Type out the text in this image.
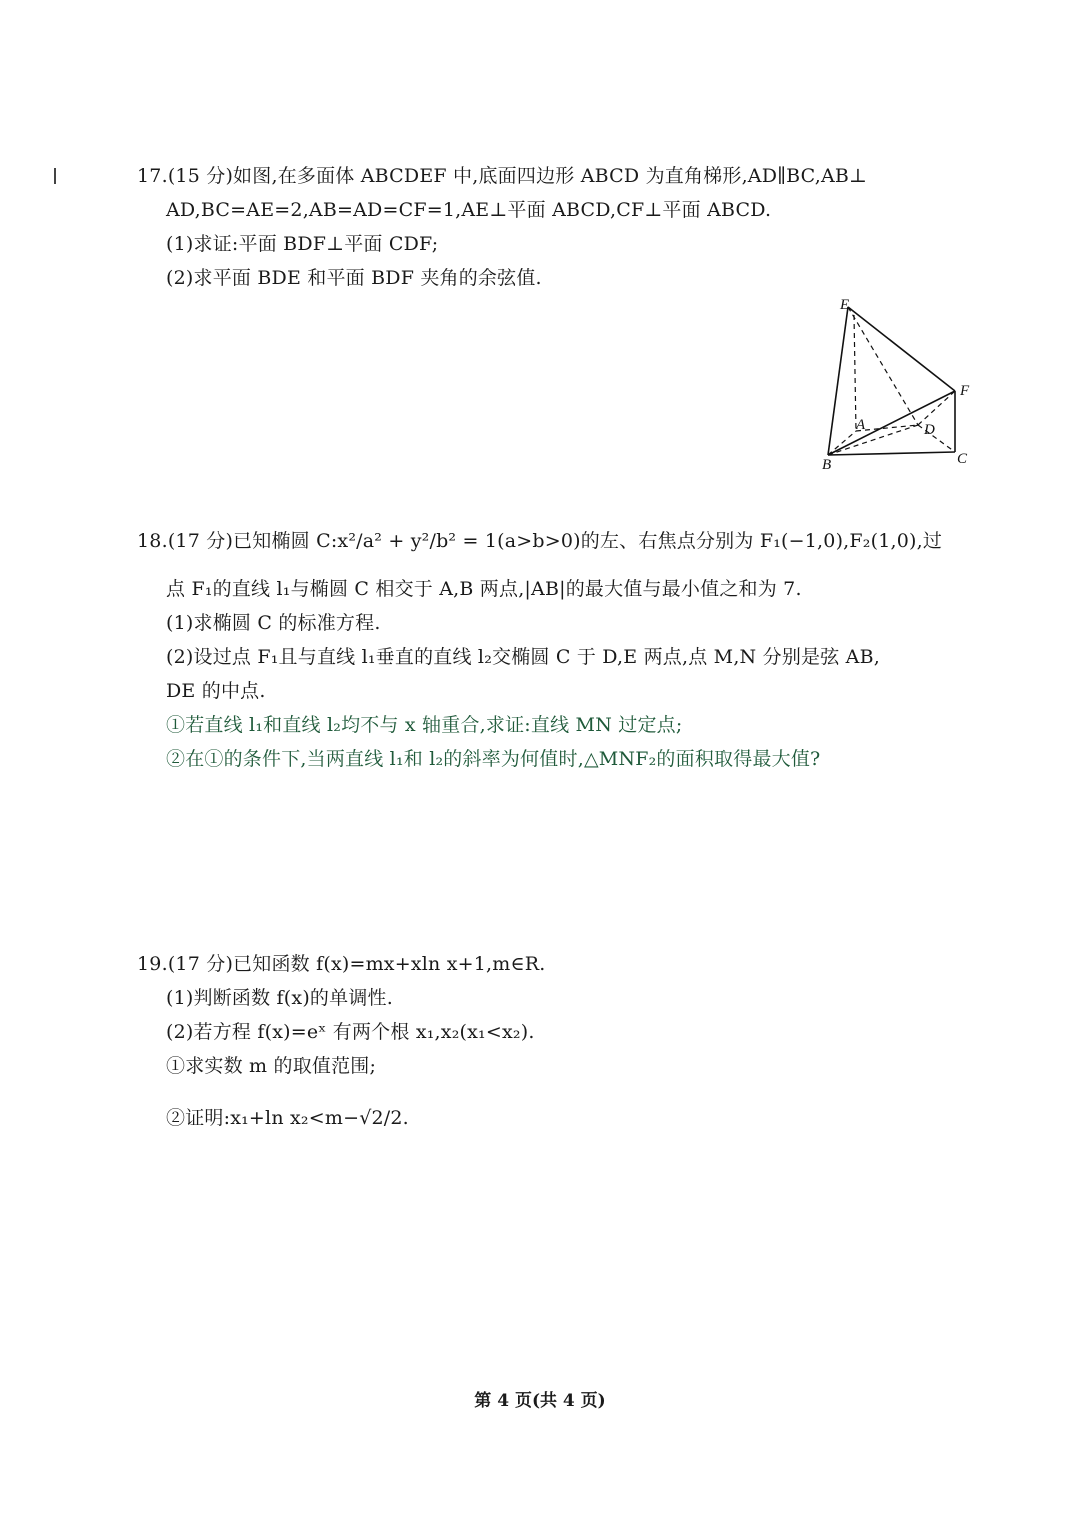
17.(15 分)如图,在多面体 ABCDEF 中,底面四边形 ABCD 为直角梯形,AD∥BC,AB⊥
AD,BC=AE=2,AB=AD=CF=1,AE⊥平面 ABCD,CF⊥平面 ABCD.
(1)求证:平面 BDF⊥平面 CDF;
(2)求平面 BDE 和平面 BDF 夹角的余弦值.
E
F
A	D
B	C
18.(17 分)已知椭圆 C:x²/a² + y²/b² = 1(a>b>0)的左、右焦点分别为 F₁(−1,0),F₂(1,0),过
点 F₁的直线 l₁与椭圆 C 相交于 A,B 两点,|AB|的最大值与最小值之和为 7.
(1)求椭圆 C 的标准方程.
(2)设过点 F₁且与直线 l₁垂直的直线 l₂交椭圆 C 于 D,E 两点,点 M,N 分别是弦 AB,
DE 的中点.
①若直线 l₁和直线 l₂均不与 x 轴重合,求证:直线 MN 过定点;
②在①的条件下,当两直线 l₁和 l₂的斜率为何值时,△MNF₂的面积取得最大值?
19.(17 分)已知函数 f(x)=mx+xln x+1,m∈R.
(1)判断函数 f(x)的单调性.
(2)若方程 f(x)=eˣ 有两个根 x₁,x₂(x₁<x₂).
①求实数 m 的取值范围;
②证明:x₁+ln x₂<m−√2/2.
第 4 页(共 4 页)
